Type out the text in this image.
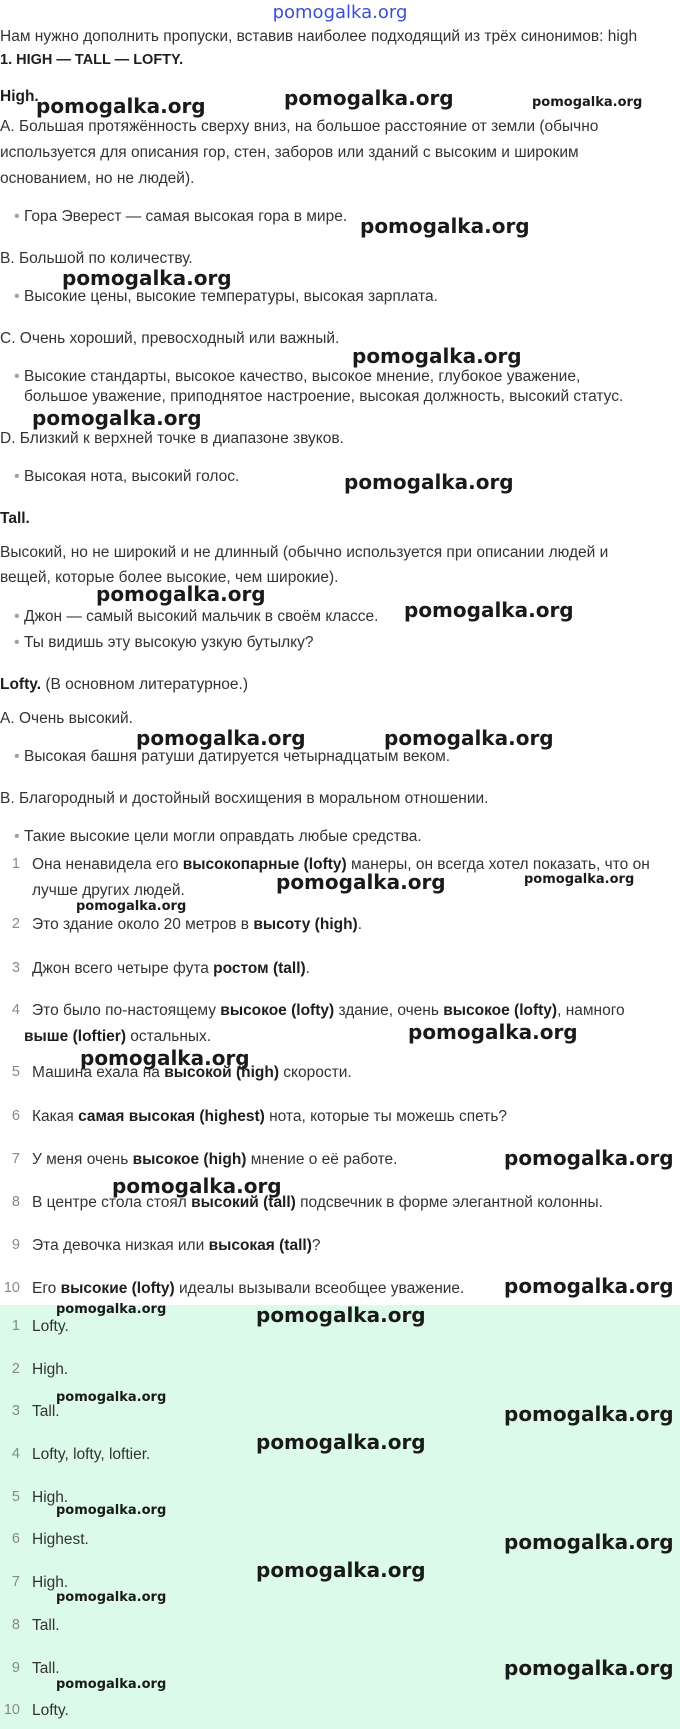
pomogalka.org
Нам нужно дополнить пропуски, вставив наиболее подходящий из трёх синонимов: high
1. HIGH — TALL — LOFTY.
High.
A. Большая протяжённость сверху вниз, на большое расстояние от земли (обычно
используется для описания гор, стен, заборов или зданий с высоким и широким
основанием, но не людей).
• Гора Эверест — самая высокая гора в мире.
B. Большой по количеству.
• Высокие цены, высокие температуры, высокая зарплата.
C. Очень хороший, превосходный или важный.
• Высокие стандарты, высокое качество, высокое мнение, глубокое уважение,
большое уважение, приподнятое настроение, высокая должность, высокий статус.
D. Близкий к верхней точке в диапазоне звуков.
• Высокая нота, высокий голос.
Tall.
Высокий, но не широкий и не длинный (обычно используется при описании людей и
вещей, которые более высокие, чем широкие).
• Джон — самый высокий мальчик в своём классе.
• Ты видишь эту высокую узкую бутылку?
Lofty. (В основном литературное.)
A. Очень высокий.
• Высокая башня ратуши датируется четырнадцатым веком.
B. Благородный и достойный восхищения в моральном отношении.
• Такие высокие цели могли оправдать любые средства.
1 Она ненавидела его высокопарные (lofty) манеры, он всегда хотел показать, что он
лучше других людей.
2 Это здание около 20 метров в высоту (high).
3 Джон всего четыре фута ростом (tall).
4 Это было по-настоящему высокое (lofty) здание, очень высокое (lofty), намного
выше (loftier) остальных.
5 Машина ехала на высокой (high) скорости.
6 Какая самая высокая (highest) нота, которые ты можешь спеть?
7 У меня очень высокое (high) мнение о её работе.
8 В центре стола стоял высокий (tall) подсвечник в форме элегантной колонны.
9 Эта девочка низкая или высокая (tall)?
10 Его высокие (lofty) идеалы вызывали всеобщее уважение.
1 Lofty.
2 High.
3 Tall.
4 Lofty, lofty, loftier.
5 High.
6 Highest.
7 High.
8 Tall.
9 Tall.
10 Lofty.
pomogalka.org	pomogalka.org	pomogalka.org
pomogalka.org
pomogalka.org
pomogalka.org
pomogalka.org
pomogalka.org
pomogalka.org
pomogalka.org
pomogalka.org	pomogalka.org
pomogalka.org	pomogalka.org
pomogalka.org
pomogalka.org
pomogalka.org
pomogalka.org
pomogalka.org
pomogalka.org
pomogalka.org	pomogalka.org
pomogalka.org
pomogalka.org
pomogalka.org
pomogalka.org
pomogalka.org
pomogalka.org
pomogalka.org
pomogalka.org
pomogalka.org
